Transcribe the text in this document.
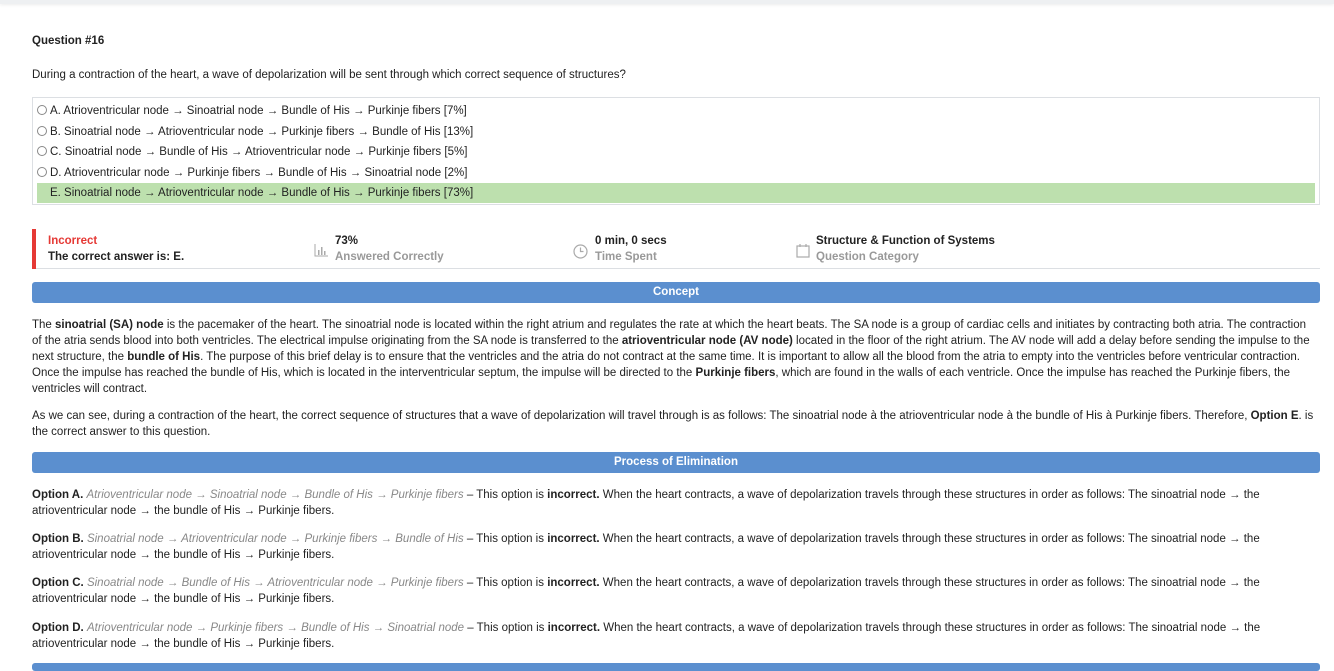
Question #16
During a contraction of the heart, a wave of depolarization will be sent through which correct sequence of structures?
A. Atrioventricular node → Sinoatrial node → Bundle of His → Purkinje fibers [7%]
B. Sinoatrial node → Atrioventricular node → Purkinje fibers → Bundle of His [13%]
C. Sinoatrial node → Bundle of His → Atrioventricular node → Purkinje fibers [5%]
D. Atrioventricular node → Purkinje fibers → Bundle of His → Sinoatrial node [2%]
E. Sinoatrial node → Atrioventricular node → Bundle of His → Purkinje fibers [73%]
Incorrect
The correct answer is: E.
73%
Answered Correctly
0 min, 0 secs
Time Spent
Structure & Function of Systems
Question Category
Concept
The sinoatrial (SA) node is the pacemaker of the heart. The sinoatrial node is located within the right atrium and regulates the rate at which the heart beats. The SA node is a group of cardiac cells and initiates by contracting both atria. The contraction of the atria sends blood into both ventricles. The electrical impulse originating from the SA node is transferred to the atrioventricular node (AV node) located in the floor of the right atrium. The AV node will add a delay before sending the impulse to the next structure, the bundle of His. The purpose of this brief delay is to ensure that the ventricles and the atria do not contract at the same time. It is important to allow all the blood from the atria to empty into the ventricles before ventricular contraction. Once the impulse has reached the bundle of His, which is located in the interventricular septum, the impulse will be directed to the Purkinje fibers, which are found in the walls of each ventricle. Once the impulse has reached the Purkinje fibers, the ventricles will contract.
As we can see, during a contraction of the heart, the correct sequence of structures that a wave of depolarization will travel through is as follows: The sinoatrial node à the atrioventricular node à the bundle of His à Purkinje fibers. Therefore, Option E. is the correct answer to this question.
Process of Elimination
Option A. Atrioventricular node → Sinoatrial node → Bundle of His → Purkinje fibers – This option is incorrect. When the heart contracts, a wave of depolarization travels through these structures in order as follows: The sinoatrial node → the atrioventricular node → the bundle of His → Purkinje fibers.
Option B. Sinoatrial node → Atrioventricular node → Purkinje fibers → Bundle of His – This option is incorrect. When the heart contracts, a wave of depolarization travels through these structures in order as follows: The sinoatrial node → the atrioventricular node → the bundle of His → Purkinje fibers.
Option C. Sinoatrial node → Bundle of His → Atrioventricular node → Purkinje fibers – This option is incorrect. When the heart contracts, a wave of depolarization travels through these structures in order as follows: The sinoatrial node → the atrioventricular node → the bundle of His → Purkinje fibers.
Option D. Atrioventricular node → Purkinje fibers → Bundle of His → Sinoatrial node – This option is incorrect. When the heart contracts, a wave of depolarization travels through these structures in order as follows: The sinoatrial node → the atrioventricular node → the bundle of His → Purkinje fibers.
